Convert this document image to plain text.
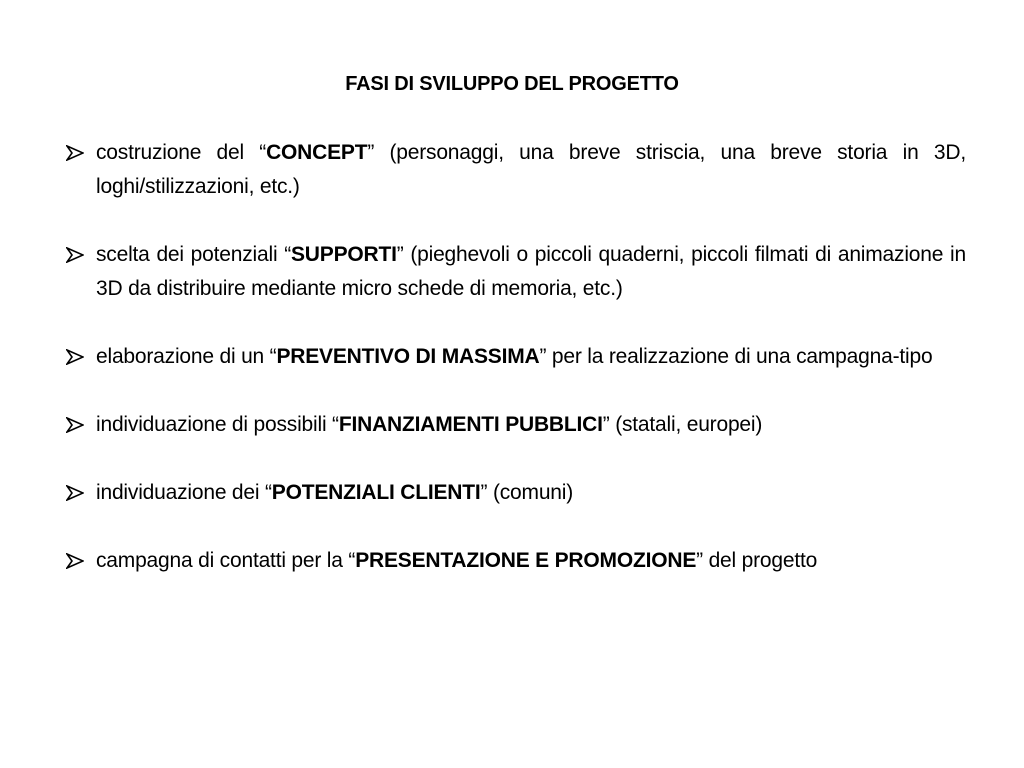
FASI DI SVILUPPO DEL PROGETTO
costruzione del “CONCEPT” (personaggi, una breve striscia, una breve storia in 3D, loghi/stilizzazioni, etc.)
scelta dei potenziali “SUPPORTI” (pieghevoli o piccoli quaderni, piccoli filmati di animazione in 3D da distribuire mediante micro schede di memoria, etc.)
elaborazione di un “PREVENTIVO DI MASSIMA” per la realizzazione di una campagna-tipo
individuazione di possibili “FINANZIAMENTI PUBBLICI” (statali, europei)
individuazione dei “POTENZIALI CLIENTI” (comuni)
campagna di contatti per la “PRESENTAZIONE E PROMOZIONE” del progetto
